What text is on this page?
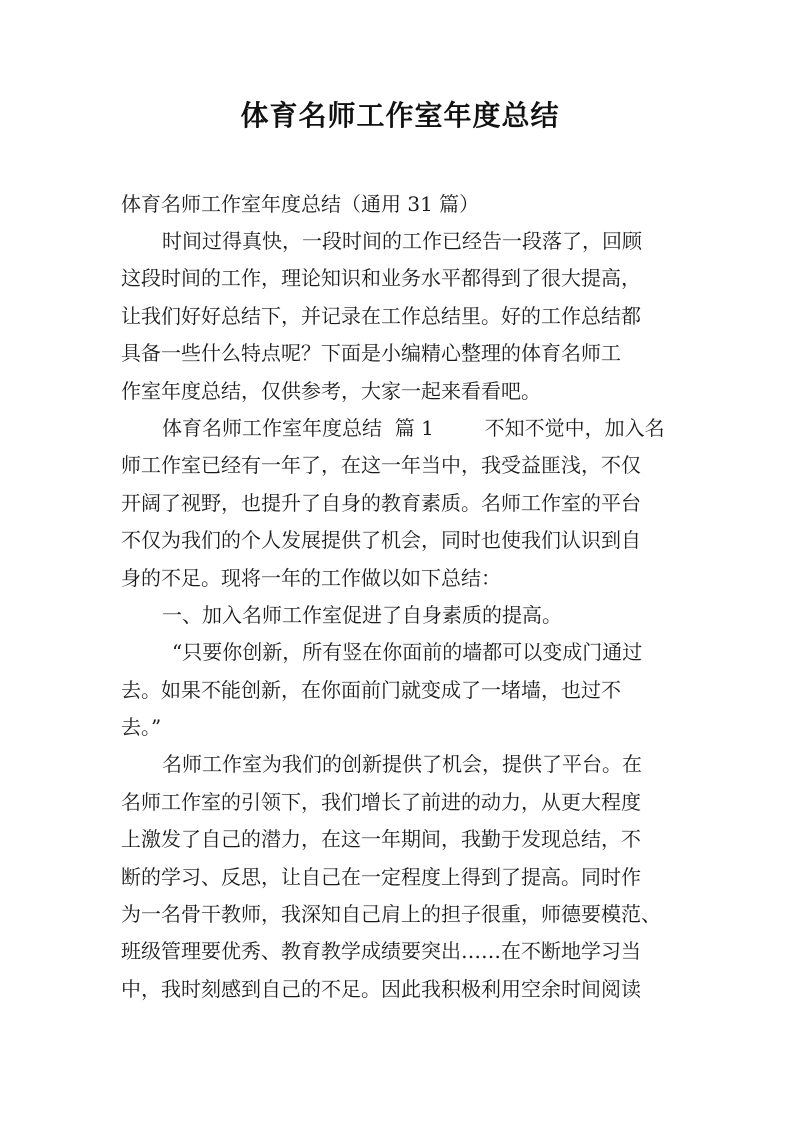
体育名师工作室年度总结
体育名师工作室年度总结（通用 31 篇）
时间过得真快，一段时间的工作已经告一段落了，回顾
这段时间的工作，理论知识和业务水平都得到了很大提高，
让我们好好总结下，并记录在工作总结里。好的工作总结都
具备一些什么特点呢？下面是小编精心整理的体育名师工
作室年度总结，仅供参考，大家一起来看看吧。
体育名师工作室年度总结  篇 1        不知不觉中，加入名
师工作室已经有一年了，在这一年当中，我受益匪浅，不仅
开阔了视野，也提升了自身的教育素质。名师工作室的平台
不仅为我们的个人发展提供了机会，同时也使我们认识到自
身的不足。现将一年的工作做以如下总结：
一、加入名师工作室促进了自身素质的提高。
“只要你创新，所有竖在你面前的墙都可以变成门通过
去。如果不能创新，在你面前门就变成了一堵墙，也过不
去。”
名师工作室为我们的创新提供了机会，提供了平台。在
名师工作室的引领下，我们增长了前进的动力，从更大程度
上激发了自己的潜力，在这一年期间，我勤于发现总结，不
断的学习、反思，让自己在一定程度上得到了提高。同时作
为一名骨干教师，我深知自己肩上的担子很重，师德要模范、
班级管理要优秀、教育教学成绩要突出……在不断地学习当
中，我时刻感到自己的不足。因此我积极利用空余时间阅读
